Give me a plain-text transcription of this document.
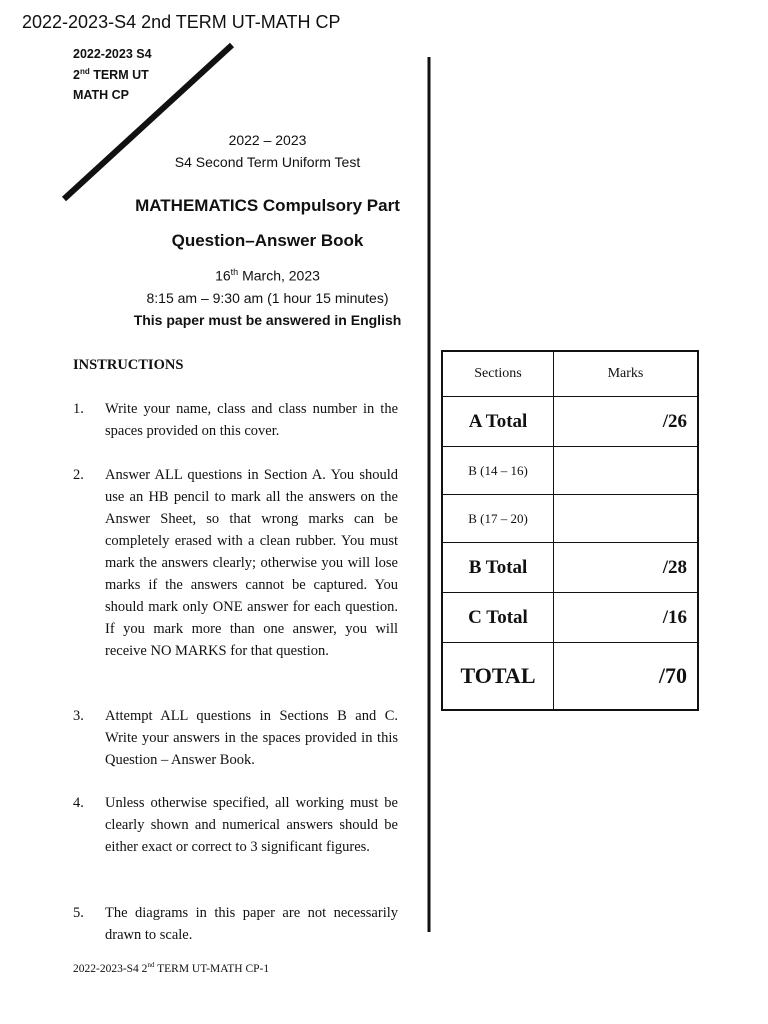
2022-2023-S4 2nd TERM UT-MATH CP
2022-2023 S4
2nd TERM UT
MATH CP
2022 – 2023
S4 Second Term Uniform Test
MATHEMATICS Compulsory Part
Question–Answer Book
16th March, 2023
8:15 am – 9:30 am (1 hour 15 minutes)
This paper must be answered in English
INSTRUCTIONS
1. Write your name, class and class number in the spaces provided on this cover.
2. Answer ALL questions in Section A. You should use an HB pencil to mark all the answers on the Answer Sheet, so that wrong marks can be completely erased with a clean rubber. You must mark the answers clearly; otherwise you will lose marks if the answers cannot be captured. You should mark only ONE answer for each question. If you mark more than one answer, you will receive NO MARKS for that question.
3. Attempt ALL questions in Sections B and C. Write your answers in the spaces provided in this Question – Answer Book.
4. Unless otherwise specified, all working must be clearly shown and numerical answers should be either exact or correct to 3 significant figures.
5. The diagrams in this paper are not necessarily drawn to scale.
Sections	Marks
A Total	/26
B (14 – 16)	
B (17 – 20)	
B Total	/28
C Total	/16
TOTAL	/70
2022-2023-S4 2nd TERM UT-MATH CP-1
